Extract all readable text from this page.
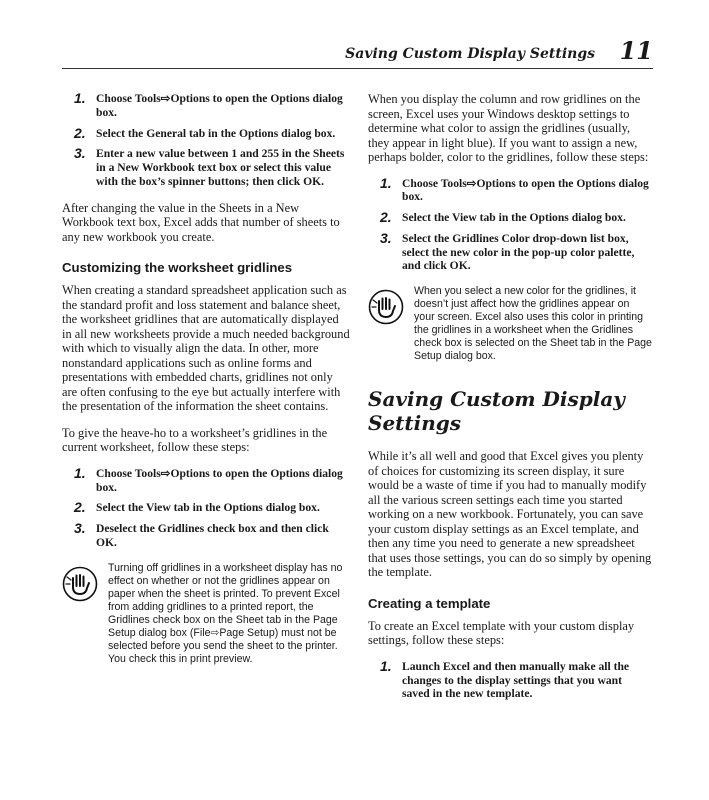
Saving Custom Display Settings 11
1. Choose Tools⇨Options to open the Options dialog box.
2. Select the General tab in the Options dialog box.
3. Enter a new value between 1 and 255 in the Sheets in a New Workbook text box or select this value with the box’s spinner buttons; then click OK.

After changing the value in the Sheets in a New Workbook text box, Excel adds that number of sheets to any new workbook you create.

Customizing the worksheet gridlines

When creating a standard spreadsheet application such as the standard profit and loss statement and balance sheet, the worksheet gridlines that are automatically displayed in all new worksheets provide a much needed background with which to visually align the data. In other, more nonstandard applications such as online forms and presentations with embedded charts, gridlines not only are often confusing to the eye but actually interfere with the presentation of the information the sheet contains.

To give the heave-ho to a worksheet’s gridlines in the current worksheet, follow these steps:

1. Choose Tools⇨Options to open the Options dialog box.
2. Select the View tab in the Options dialog box.
3. Deselect the Gridlines check box and then click OK.

Turning off gridlines in a worksheet display has no effect on whether or not the gridlines appear on paper when the sheet is printed. To prevent Excel from adding gridlines to a printed report, the Gridlines check box on the Sheet tab in the Page Setup dialog box (File⇨Page Setup) must not be selected before you send the sheet to the printer. You check this in print preview.

When you display the column and row gridlines on the screen, Excel uses your Windows desktop settings to determine what color to assign the gridlines (usually, they appear in light blue). If you want to assign a new, perhaps bolder, color to the gridlines, follow these steps:

1. Choose Tools⇨Options to open the Options dialog box.
2. Select the View tab in the Options dialog box.
3. Select the Gridlines Color drop-down list box, select the new color in the pop-up color palette, and click OK.

When you select a new color for the gridlines, it doesn’t just affect how the gridlines appear on your screen. Excel also uses this color in printing the gridlines in a worksheet when the Gridlines check box is selected on the Sheet tab in the Page Setup dialog box.

Saving Custom Display Settings

While it’s all well and good that Excel gives you plenty of choices for customizing its screen display, it sure would be a waste of time if you had to manually modify all the various screen settings each time you started working on a new workbook. Fortunately, you can save your custom display settings as an Excel template, and then any time you need to generate a new spreadsheet that uses those settings, you can do so simply by opening the template.

Creating a template

To create an Excel template with your custom display settings, follow these steps:

1. Launch Excel and then manually make all the changes to the display settings that you want saved in the new template.
